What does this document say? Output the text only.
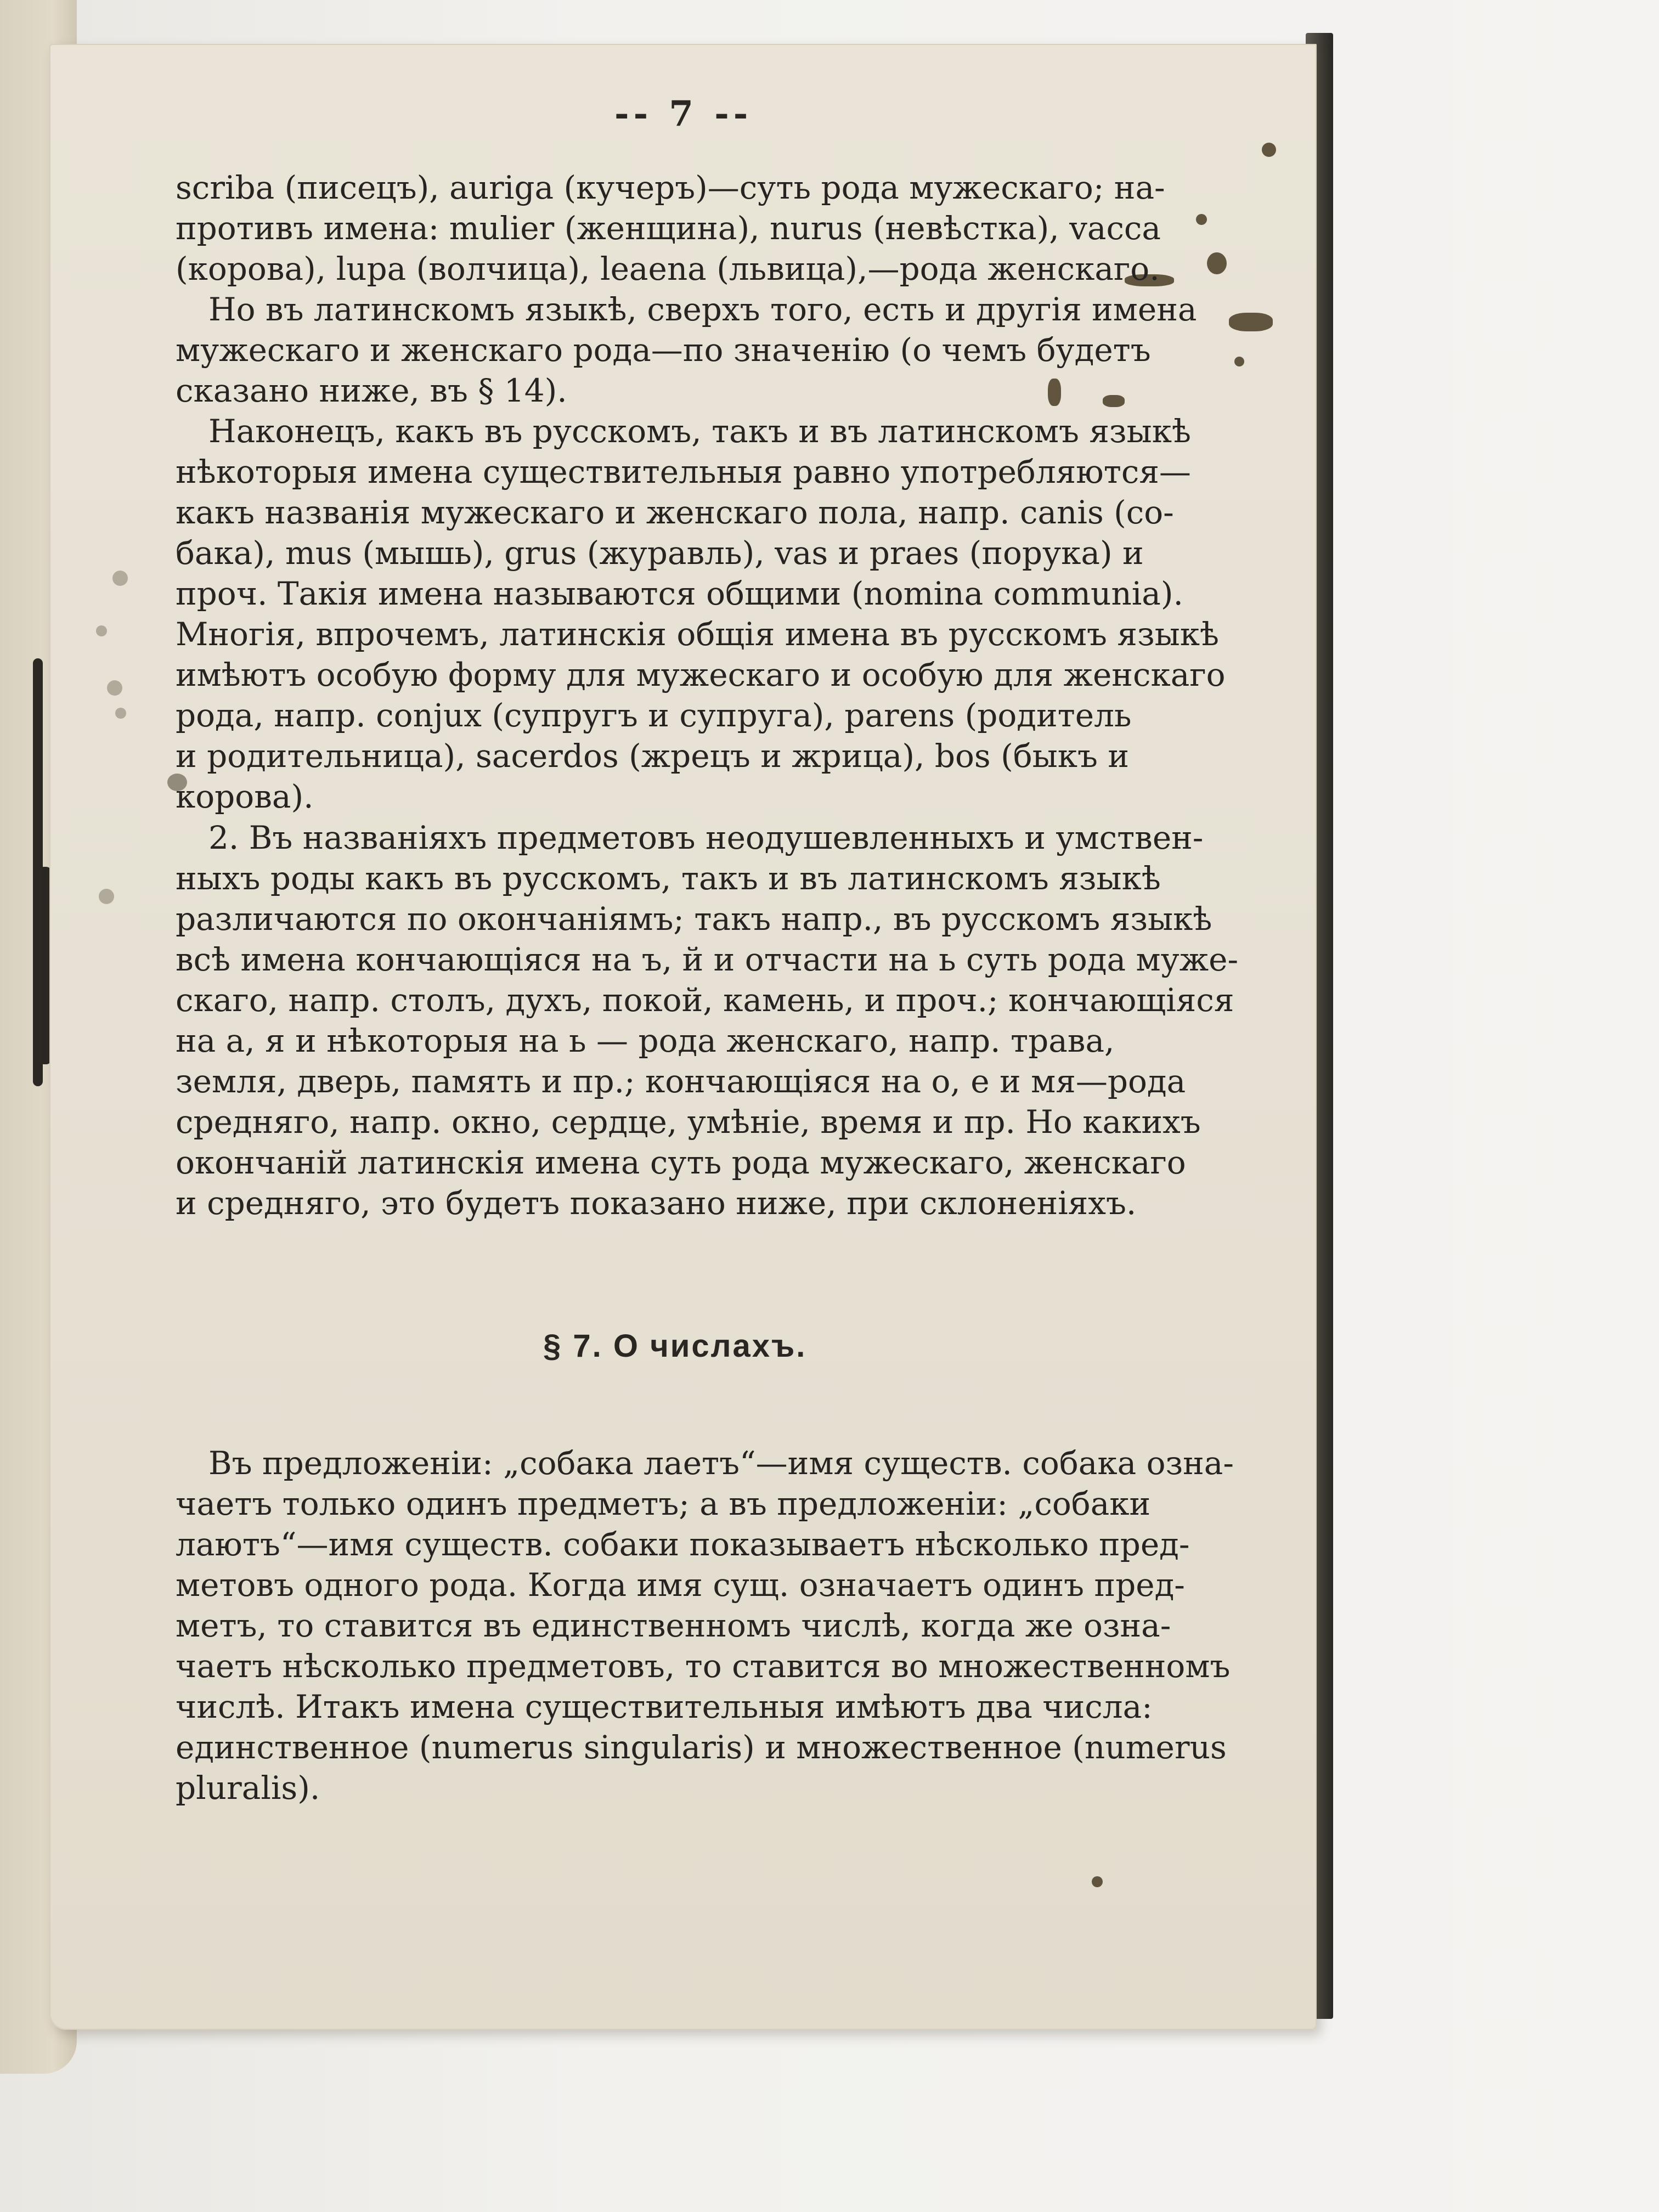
-- 7 --
scriba (писецъ), auriga (кучеръ)—суть рода мужескаго; на-
противъ имена: mulier (женщина), nurus (невѣстка), vacca
(корова), lupa (волчица), leaena (львица),—рода женскаго.
Но въ латинскомъ языкѣ, сверхъ того, есть и другія имена
мужескаго и женскаго рода—по значенію (о чемъ будетъ
сказано ниже, въ § 14).
Наконецъ, какъ въ русскомъ, такъ и въ латинскомъ языкѣ
нѣкоторыя имена существительныя равно употребляются—
какъ названія мужескаго и женскаго пола, напр. canis (со-
бака), mus (мышь), grus (журавль), vas и praes (порука) и
проч. Такія имена называются общими (nomina communia).
Многія, впрочемъ, латинскія общія имена въ русскомъ языкѣ
имѣютъ особую форму для мужескаго и особую для женскаго
рода, напр. conjux (супругъ и супруга), parens (родитель
и родительница), sacerdos (жрецъ и жрица), bos (быкъ и
корова).
2. Въ названіяхъ предметовъ неодушевленныхъ и умствен-
ныхъ роды какъ въ русскомъ, такъ и въ латинскомъ языкѣ
различаются по окончаніямъ; такъ напр., въ русскомъ языкѣ
всѣ имена кончающіяся на ъ, й и отчасти на ь суть рода муже-
скаго, напр. столъ, духъ, покой, камень, и проч.; кончающіяся
на а, я и нѣкоторыя на ь — рода женскаго, напр. трава,
земля, дверь, память и пр.; кончающіяся на о, е и мя—рода
средняго, напр. окно, сердце, умѣніе, время и пр. Но какихъ
окончаній латинскія имена суть рода мужескаго, женскаго
и средняго, это будетъ показано ниже, при склоненіяхъ.
§ 7. О числахъ.
Въ предложеніи: „собака лаетъ“—имя существ. собака озна-
чаетъ только одинъ предметъ; а въ предложеніи: „собаки
лаютъ“—имя существ. собаки показываетъ нѣсколько пред-
метовъ одного рода. Когда имя сущ. означаетъ одинъ пред-
метъ, то ставится въ единственномъ числѣ, когда же озна-
чаетъ нѣсколько предметовъ, то ставится во множественномъ
числѣ. Итакъ имена существительныя имѣютъ два числа:
единственное (numerus singularis) и множественное (numerus
pluralis).
